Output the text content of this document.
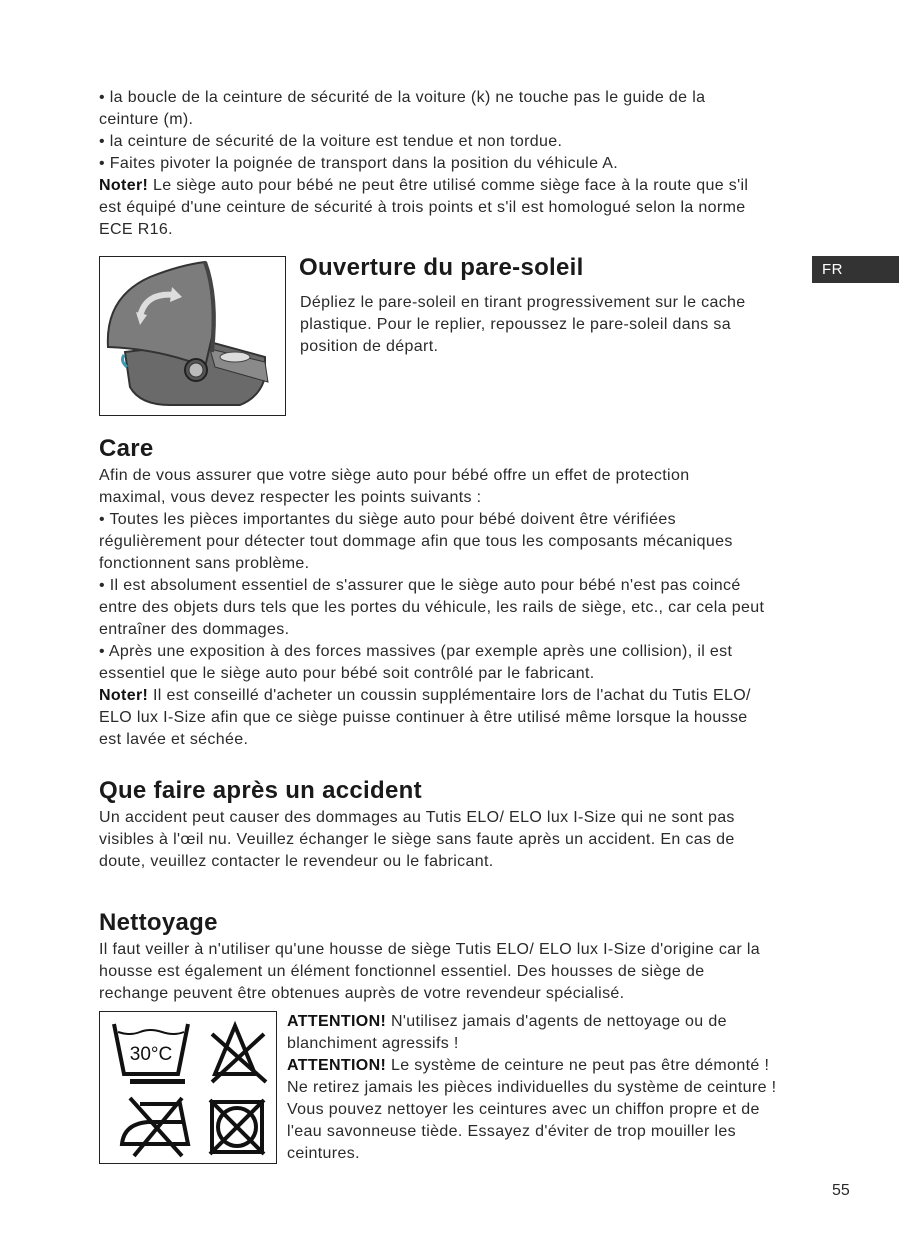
• la boucle de la ceinture de sécurité de la voiture (k) ne touche pas le guide de la
ceinture (m).
• la ceinture de sécurité de la voiture est tendue et non tordue.
• Faites pivoter la poignée de transport dans la position du véhicule A.
Noter! Le siège auto pour bébé ne peut être utilisé comme siège face à la route que s'il
est équipé d'une ceinture de sécurité à trois points et s'il est homologué selon la norme
ECE R16.
Ouverture du pare-soleil
Dépliez le pare-soleil en tirant progressivement sur le cache
plastique. Pour le replier, repoussez le pare-soleil dans sa
position de départ.
FR
Care
Afin de vous assurer que votre siège auto pour bébé offre un effet de protection
maximal, vous devez respecter les points suivants :
• Toutes les pièces importantes du siège auto pour bébé doivent être vérifiées
régulièrement pour détecter tout dommage afin que tous les composants mécaniques
fonctionnent sans problème.
• Il est absolument essentiel de s'assurer que le siège auto pour bébé n'est pas coincé
entre des objets durs tels que les portes du véhicule, les rails de siège, etc., car cela peut
entraîner des dommages.
• Après une exposition à des forces massives (par exemple après une collision), il est
essentiel que le siège auto pour bébé soit contrôlé par le fabricant.
Noter! Il est conseillé d'acheter un coussin supplémentaire lors de l'achat du Tutis ELO/
ELO lux I-Size afin que ce siège puisse continuer à être utilisé même lorsque la housse
est lavée et séchée.
Que faire après un accident
Un accident peut causer des dommages au Tutis ELO/ ELO lux I-Size qui ne sont pas
visibles à l'œil nu. Veuillez échanger le siège sans faute après un accident. En cas de
doute, veuillez contacter le revendeur ou le fabricant.
Nettoyage
Il faut veiller à n'utiliser qu'une housse de siège Tutis ELO/ ELO lux I-Size d'origine car la
housse est également un élément fonctionnel essentiel. Des housses de siège de
rechange peuvent être obtenues auprès de votre revendeur spécialisé.
30°C
ATTENTION! N'utilisez jamais d'agents de nettoyage ou de
blanchiment agressifs !
ATTENTION! Le système de ceinture ne peut pas être démonté !
Ne retirez jamais les pièces individuelles du système de ceinture !
Vous pouvez nettoyer les ceintures avec un chiffon propre et de
l'eau savonneuse tiède. Essayez d'éviter de trop mouiller les
ceintures.
55
